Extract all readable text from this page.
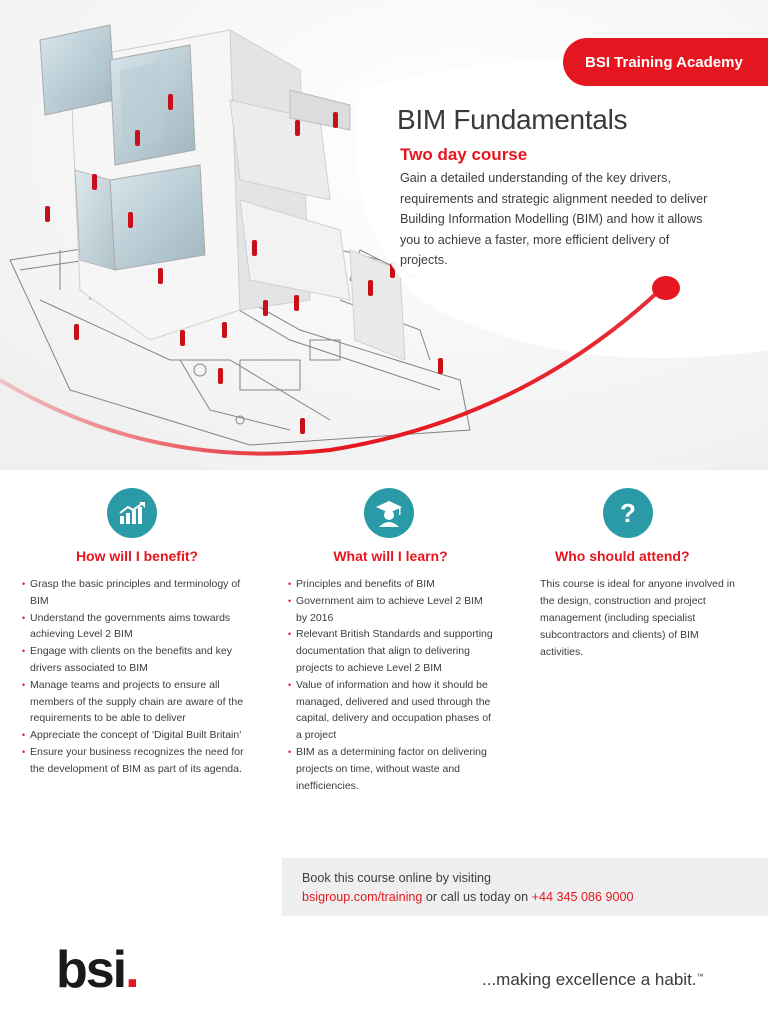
BSI Training Academy
BIM Fundamentals
Two day course
Gain a detailed understanding of the key drivers, requirements and strategic alignment needed to deliver Building Information Modelling (BIM) and how it allows you to achieve a faster, more efficient delivery of projects.
How will I benefit?
• Grasp the basic principles and terminology of BIM
• Understand the governments aims towards achieving Level 2 BIM
• Engage with clients on the benefits and key drivers associated to BIM
• Manage teams and projects to ensure all members of the supply chain are aware of the requirements to be able to deliver
• Appreciate the concept of 'Digital Built Britain'
• Ensure your business recognizes the need for the development of BIM as part of its agenda.
What will I learn?
• Principles and benefits of BIM
• Government aim to achieve Level 2 BIM by 2016
• Relevant British Standards and supporting documentation that align to delivering projects to achieve Level 2 BIM
• Value of information and how it should be managed, delivered and used through the capital, delivery and occupation phases of a project
• BIM as a determining factor on delivering projects on time, without waste and inefficiencies.
?
Who should attend?

This course is ideal for anyone involved in the design, construction and project management (including specialist subcontractors and clients) of BIM activities.

Book this course online by visiting
bsigroup.com/training or call us today on +44 345 086 9000
bsi.	...making excellence a habit.™
